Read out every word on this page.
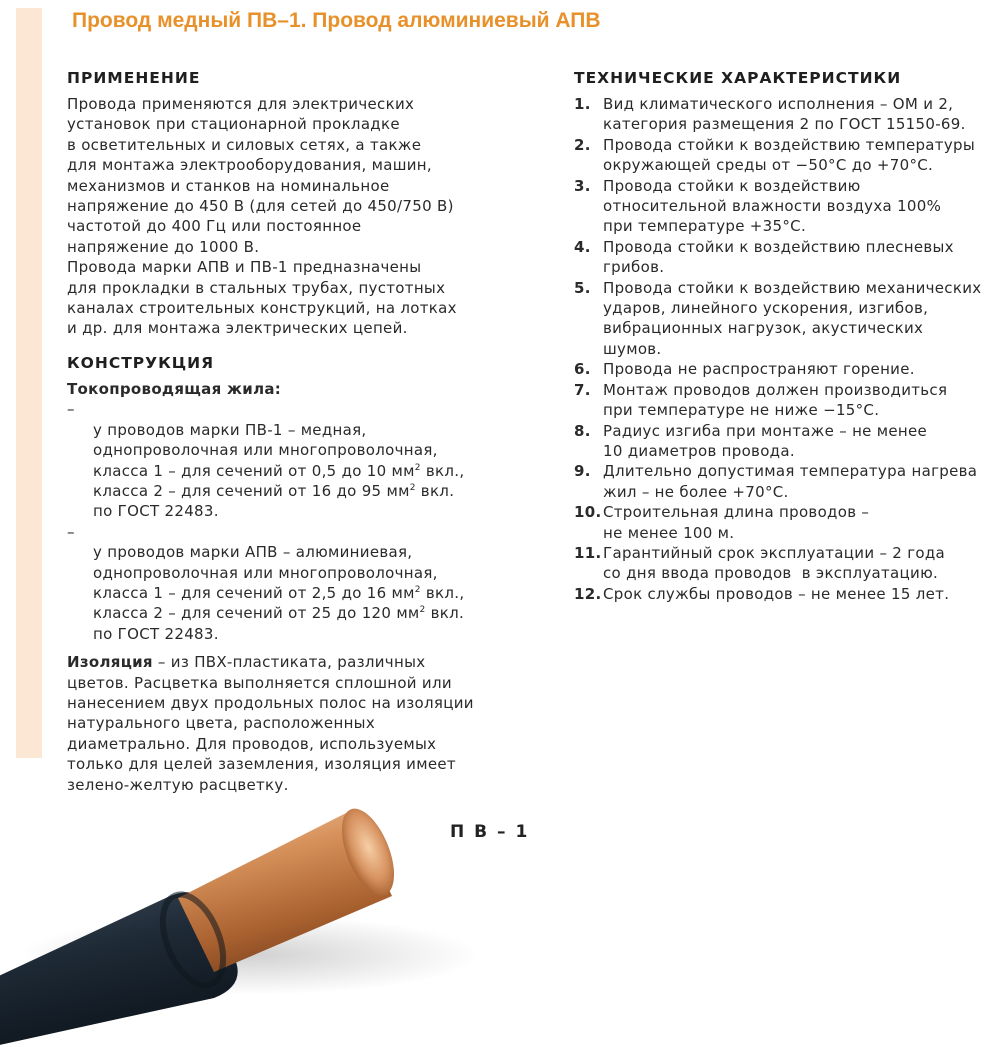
Провод медный ПВ–1. Провод алюминиевый АПВ
ПРИМЕНЕНИЕ

Провода применяются для электрических
установок при стационарной прокладке
в осветительных и силовых сетях, а также
для монтажа электрооборудования, машин,
механизмов и станков на номинальное
напряжение до 450 В (для сетей до 450/750 В)
частотой до 400 Гц или постоянное
напряжение до 1000 В.

Провода марки АПВ и ПВ-1 предназначены
для прокладки в стальных трубах, пустотных
каналах строительных конструкций, на лотках
и др. для монтажа электрических цепей.

КОНСТРУКЦИЯ

Токопроводящая жила:

–
у проводов марки ПВ-1 – медная,
однопроволочная или многопроволочная,
класса 1 – для сечений от 0,5 до 10 $мм^2$ вкл.,
класса 2 – для сечений от 16 до 95 $мм^2$ вкл.
по ГОСТ 22483.

–
у проводов марки АПВ – алюминиевая,
однопроволочная или многопроволочная,
класса 1 – для сечений от 2,5 до 16 $мм^2$ вкл.,
класса 2 – для сечений от 25 до 120 $мм^2$ вкл.
по ГОСТ 22483.

Изоляция – из ПВХ-пластиката, различных
цветов. Расцветка выполняется сплошной или
нанесением двух продольных полос на изоляции
натурального цвета, расположенных
диаметрально. Для проводов, используемых
только для целей заземления, изоляция имеет
зелено-желтую расцветку.

ТЕХНИЧЕСКИЕ ХАРАКТЕРИСТИКИ
1. Вид климатического исполнения – ОМ и 2,
категория размещения 2 по ГОСТ 15150-69.
2. Провода стойки к воздействию температуры
окружающей среды от −50°С до +70°С.
3. Провода стойки к воздействию
относительной влажности воздуха 100%
при температуре +35°С.
4. Провода стойки к воздействию плесневых
грибов.
5. Провода стойки к воздействию механических
ударов, линейного ускорения, изгибов,
вибрационных нагрузок, акустических
шумов.
6. Провода не распространяют горение.
7. Монтаж проводов должен производиться
при температуре не ниже −15°С.
8. Радиус изгиба при монтаже – не менее
10 диаметров провода.
9. Длительно допустимая температура нагрева
жил – не более +70°С.
10. Строительная длина проводов –
не менее 100 м.
11. Гарантийный срок эксплуатации – 2 года
со дня ввода проводов  в эксплуатацию.
12. Срок службы проводов – не менее 15 лет.

П В – 1
